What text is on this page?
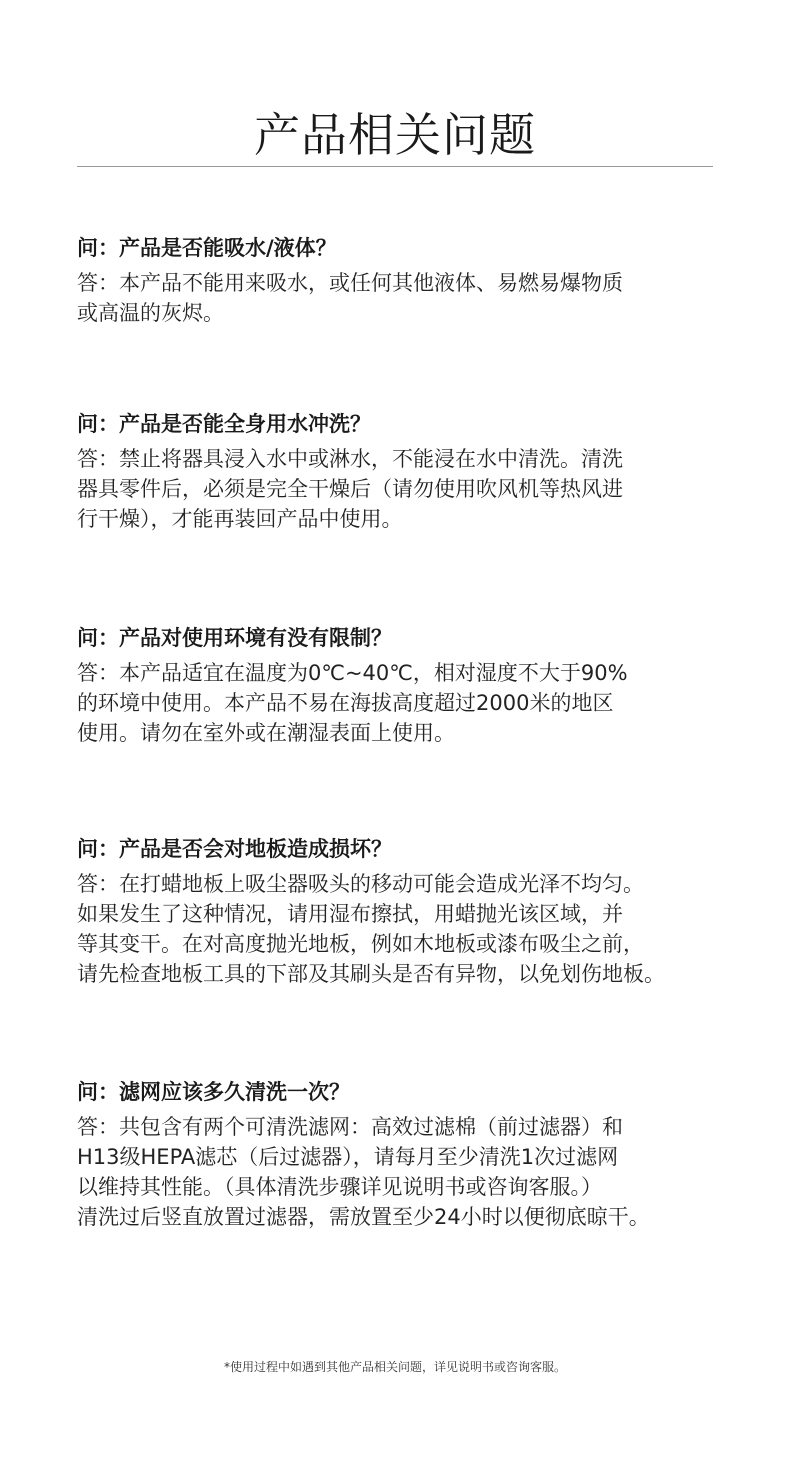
产品相关问题

问：产品是否能吸水/液体？

答：本产品不能用来吸水，或任何其他液体、易燃易爆物质
或高温的灰烬。

问：产品是否能全身用水冲洗？

答：禁止将器具浸入水中或淋水，不能浸在水中清洗。清洗
器具零件后，必须是完全干燥后（请勿使用吹风机等热风进
行干燥），才能再装回产品中使用。

问：产品对使用环境有没有限制？

答：本产品适宜在温度为0℃~40℃，相对湿度不大于90%
的环境中使用。本产品不易在海拔高度超过2000米的地区
使用。请勿在室外或在潮湿表面上使用。

问：产品是否会对地板造成损坏？

答：在打蜡地板上吸尘器吸头的移动可能会造成光泽不均匀。
如果发生了这种情况，请用湿布擦拭，用蜡抛光该区域，并
等其变干。在对高度抛光地板，例如木地板或漆布吸尘之前，
请先检查地板工具的下部及其刷头是否有异物，以免划伤地板。

问：滤网应该多久清洗一次？

答：共包含有两个可清洗滤网：高效过滤棉（前过滤器）和
H13级HEPA滤芯（后过滤器），请每月至少清洗1次过滤网
以维持其性能。（具体清洗步骤详见说明书或咨询客服。）
清洗过后竖直放置过滤器，需放置至少24小时以便彻底晾干。

*使用过程中如遇到其他产品相关问题，详见说明书或咨询客服。
